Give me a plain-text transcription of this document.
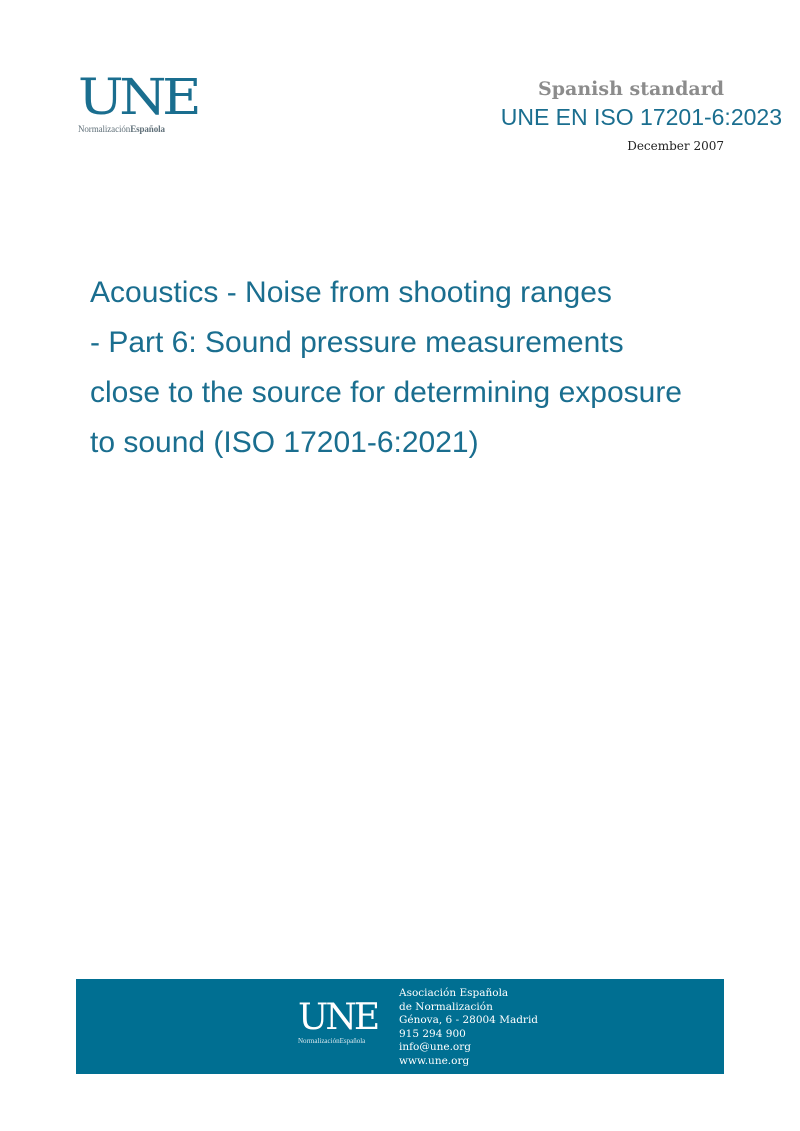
UNE
NormalizaciónEspañola
Spanish standard
UNE EN ISO 17201-6:2023
December 2007
Acoustics - Noise from shooting ranges
- Part 6: Sound pressure measurements
close to the source for determining exposure
to sound (ISO 17201-6:2021)
UNE
NormalizaciónEspañola
Asociación Española
de Normalización
Génova, 6 - 28004 Madrid
915 294 900
info@une.org
www.une.org
